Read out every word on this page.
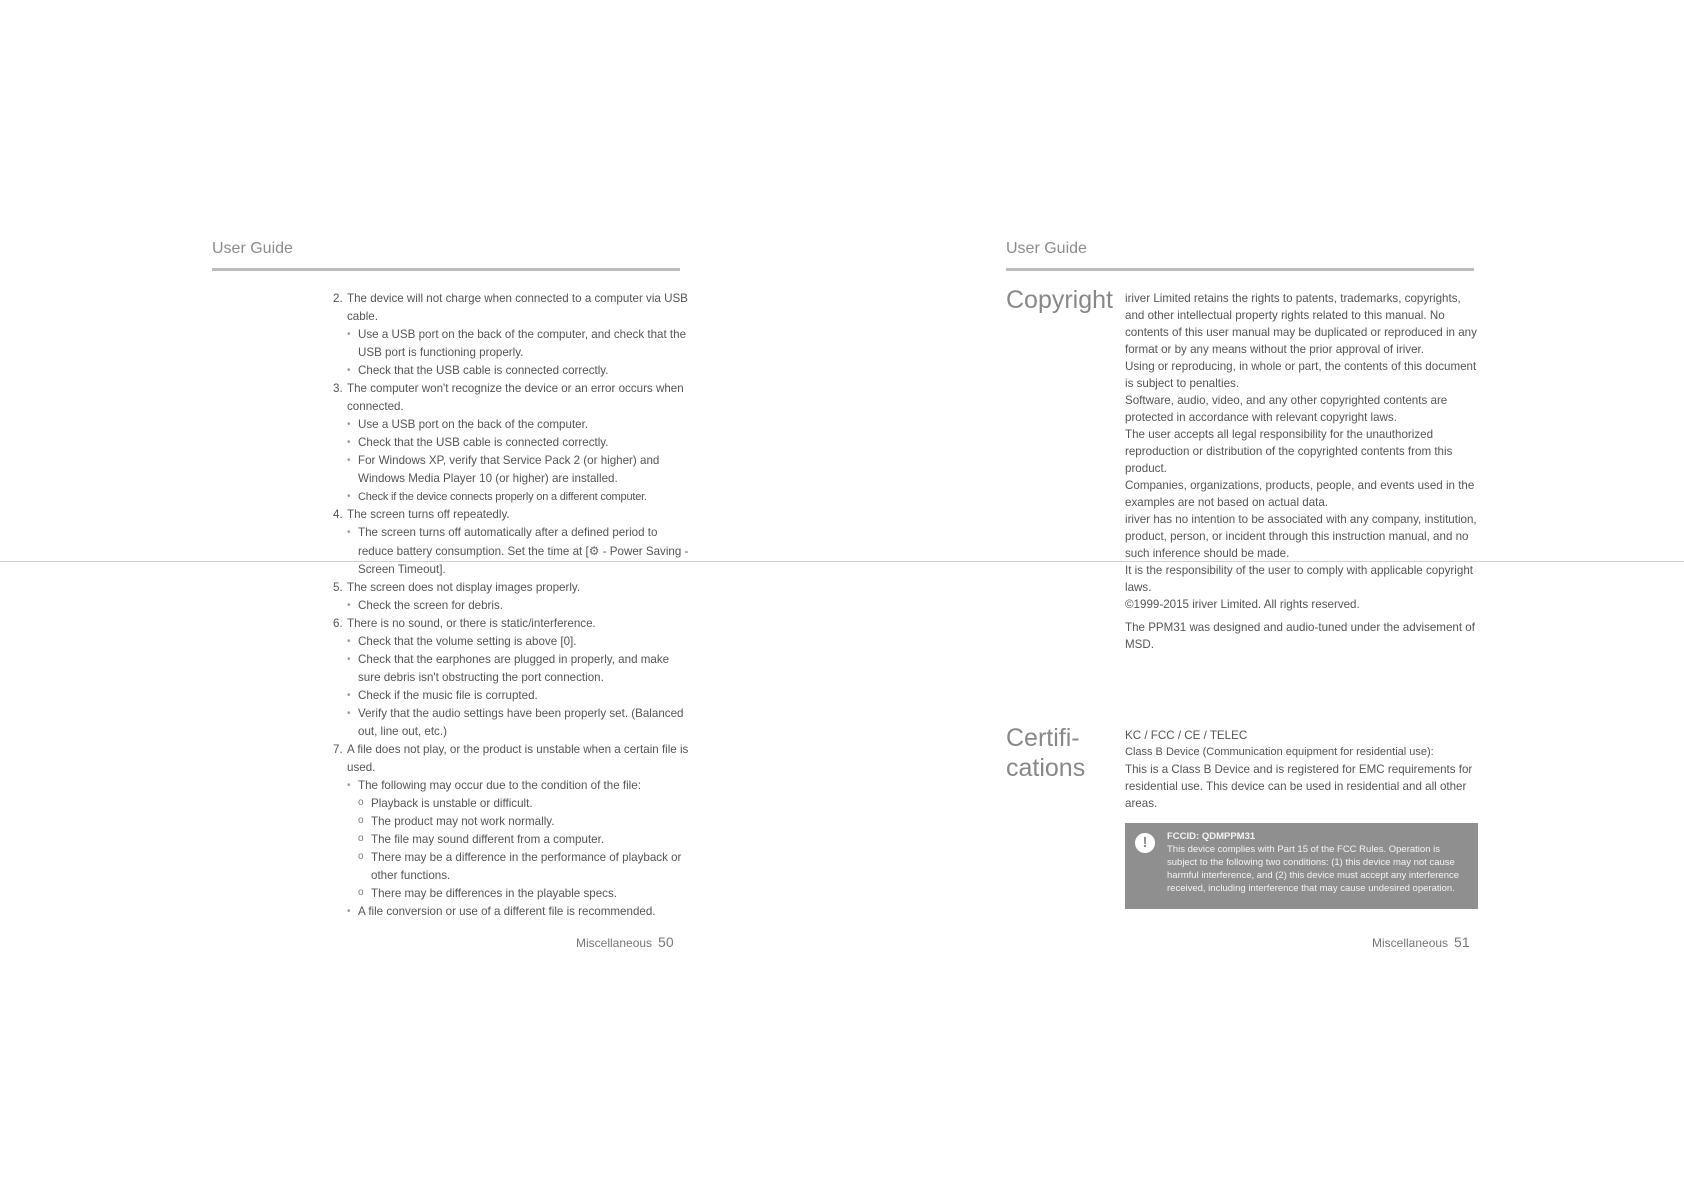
User Guide
2. The device will not charge when connected to a computer via USB cable.
• Use a USB port on the back of the computer, and check that the USB port is functioning properly.
• Check that the USB cable is connected correctly.
3. The computer won't recognize the device or an error occurs when connected.
• Use a USB port on the back of the computer.
• Check that the USB cable is connected correctly.
• For Windows XP, verify that Service Pack 2 (or higher) and Windows Media Player 10 (or higher) are installed.
• Check if the device connects properly on a different computer.
4. The screen turns off repeatedly.
• The screen turns off automatically after a defined period to reduce battery consumption. Set the time at [⚙ - Power Saving - Screen Timeout].
5. The screen does not display images properly.
• Check the screen for debris.
6. There is no sound, or there is static/interference.
• Check that the volume setting is above [0].
• Check that the earphones are plugged in properly, and make sure debris isn't obstructing the port connection.
• Check if the music file is corrupted.
• Verify that the audio settings have been properly set. (Balanced out, line out, etc.)
7. A file does not play, or the product is unstable when a certain file is used.
• The following may occur due to the condition of the file:
o Playback is unstable or difficult.
o The product may not work normally.
o The file may sound different from a computer.
o There may be a difference in the performance of playback or other functions.
o There may be differences in the playable specs.
• A file conversion or use of a different file is recommended.
Miscellaneous 50
User Guide
Copyright iriver Limited retains the rights to patents, trademarks, copyrights, and other intellectual property rights related to this manual. No contents of this user manual may be duplicated or reproduced in any format or by any means without the prior approval of iriver.

Using or reproducing, in whole or part, the contents of this document is subject to penalties.

Software, audio, video, and any other copyrighted contents are protected in accordance with relevant copyright laws.

The user accepts all legal responsibility for the unauthorized reproduction or distribution of the copyrighted contents from this product.

Companies, organizations, products, people, and events used in the examples are not based on actual data.

iriver has no intention to be associated with any company, institution, product, person, or incident through this instruction manual, and no such inference should be made.

It is the responsibility of the user to comply with applicable copyright laws.

©1999-2015 iriver Limited. All rights reserved.

The PPM31 was designed and audio-tuned under the advisement of MSD.

Certifi-
cations

KC / FCC / CE / TELEC

Class B Device (Communication equipment for residential use):

This is a Class B Device and is registered for EMC requirements for residential use. This device can be used in residential and all other areas.

!	FCCID: QDMPPM31
This device complies with Part 15 of the FCC Rules. Operation is subject to the following two conditions: (1) this device may not cause harmful interference, and (2) this device must accept any interference received, including interference that may cause undesired operation.
Miscellaneous 51
